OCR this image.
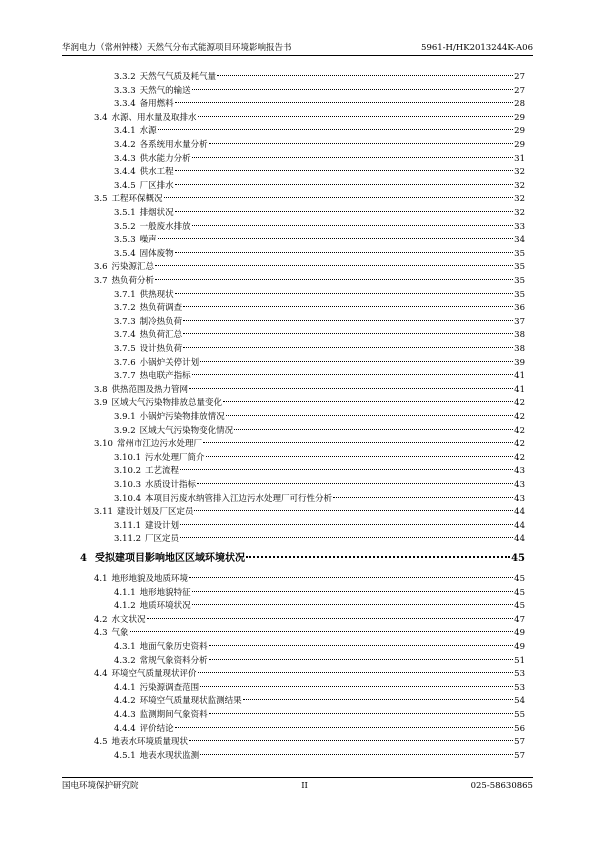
华润电力（常州钟楼）天然气分布式能源项目环境影响报告书	5961-H/HK2013244K-A06
3.3.2 天然气气质及耗气量	27
3.3.3 天然气的输送	27
3.3.4 备用燃料	28
3.4 水源、用水量及取排水	29
3.4.1 水源	29
3.4.2 各系统用水量分析	29
3.4.3 供水能力分析	31
3.4.4 供水工程	32
3.4.5 厂区排水	32
3.5 工程环保概况	32
3.5.1 排烟状况	32
3.5.2 一般废水排放	33
3.5.3 噪声	34
3.5.4 固体废物	35
3.6 污染源汇总	35
3.7 热负荷分析	35
3.7.1 供热现状	35
3.7.2 热负荷调查	36
3.7.3 制冷热负荷	37
3.7.4 热负荷汇总	38
3.7.5 设计热负荷	38
3.7.6 小锅炉关停计划	39
3.7.7 热电联产指标	41
3.8 供热范围及热力管网	41
3.9 区域大气污染物排放总量变化	42
3.9.1 小锅炉污染物排放情况	42
3.9.2 区域大气污染物变化情况	42
3.10 常州市江边污水处理厂	42
3.10.1 污水处理厂简介	42
3.10.2 工艺流程	43
3.10.3 水质设计指标	43
3.10.4 本项目污废水纳管排入江边污水处理厂可行性分析	43
3.11 建设计划及厂区定员	44
3.11.1 建设计划	44
3.11.2 厂区定员	44
4 受拟建项目影响地区区域环境状况	45
4.1 地形地貌及地质环境	45
4.1.1 地形地貌特征	45
4.1.2 地质环境状况	45
4.2 水文状况	47
4.3 气象	49
4.3.1 地面气象历史资料	49
4.3.2 常规气象资料分析	51
4.4 环境空气质量现状评价	53
4.4.1 污染源调查范围	53
4.4.2 环境空气质量现状监测结果	54
4.4.3 监测期间气象资料	55
4.4.4 评价结论	56
4.5 地表水环境质量现状	57
4.5.1 地表水现状监测	57
国电环境保护研究院	II	025-58630865
